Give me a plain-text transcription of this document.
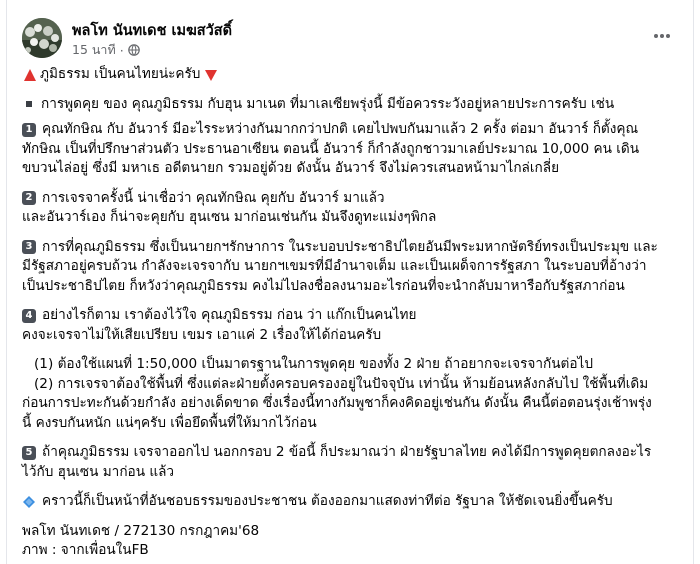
พลโท นันทเดช เมฆสวัสดิ์
15 นาที ·
ภูมิธรรม เป็นคนไทยน่ะครับ
การพูดคุย ของ คุณภูมิธรรม กับฮุน มาเนต ที่มาเลเซียพรุ่งนี้ มีข้อควรระวังอยู่หลายประการครับ เช่น
1 คุณทักษิณ กับ อันวาร์ มีอะไรระหว่างกันมากกว่าปกติ เคยไปพบกันมาแล้ว 2 ครั้ง ต่อมา อันวาร์ ก็ตั้งคุณ
ทักษิณ เป็นที่ปรึกษาส่วนตัว ประธานอาเซียน ตอนนี้ อันวาร์ ก็กำลังถูกชาวมาเลย์ประมาณ 10,000 คน เดิน
ขบวนไล่อยู่ ซึ่งมี มหาเธ อดีตนายก รวมอยู่ด้วย ดังนั้น อันวาร์ จึงไม่ควรเสนอหน้ามาไกล่เกลี่ย
2 การเจรจาครั้งนี้ น่าเชื่อว่า คุณทักษิณ คุยกับ อันวาร์ มาแล้ว
และอันวาร์เอง ก็น่าจะคุยกับ ฮุนเซน มาก่อนเช่นกัน มันจึงดูทะแม่งๆพิกล
3 การที่คุณภูมิธรรม ซึ่งเป็นนายกฯรักษาการ ในระบอบประชาธิปไตยอันมีพระมหากษัตริย์ทรงเป็นประมุข และ
มีรัฐสภาอยู่ครบถ้วน กำลังจะเจรจากับ นายกฯเขมรที่มีอำนาจเต็ม และเป็นเผด็จการรัฐสภา ในระบอบที่อ้างว่า
เป็นประชาธิปไตย ก็หวังว่าคุณภูมิธรรม คงไม่ไปลงชื่อลงนามอะไรก่อนที่จะนำกลับมาหารือกับรัฐสภาก่อน
4 อย่างไรก็ตาม เราต้องไว้ใจ คุณภูมิธรรม ก่อน ว่า แก๊กเป็นคนไทย
คงจะเจรจาไม่ให้เสียเปรียบ เขมร เอาแค่ 2 เรื่องให้ได้ก่อนครับ
(1) ต้องใช้แผนที่ 1:50,000 เป็นมาตรฐานในการพูดคุย ของทั้ง 2 ฝ่าย ถ้าอยากจะเจรจากันต่อไป
(2) การเจรจาต้องใช้พื้นที่ ซึ่งแต่ละฝ่ายตั้งครอบครองอยู่ในปัจจุบัน เท่านั้น ห้ามย้อนหลังกลับไป ใช้พื้นที่เดิม
ก่อนการปะทะกันด้วยกำลัง อย่างเด็ดขาด ซึ่งเรื่องนี้ทางกัมพูชาก็คงคิดอยู่เช่นกัน ดังนั้น คืนนี้ต่อตอนรุ่งเช้าพรุ่ง
นี้ คงรบกันหนัก แน่ๆครับ เพื่อยึดพื้นที่ให้มากไว้ก่อน
5 ถ้าคุณภูมิธรรม เจรจาออกไป นอกกรอบ 2 ข้อนี้ ก็ประมาณว่า ฝ่ายรัฐบาลไทย คงได้มีการพูดคุยตกลงอะไร
ไว้กับ ฮุนเซน มาก่อน แล้ว
คราวนี้ก็เป็นหน้าที่อันชอบธรรมของประชาชน ต้องออกมาแสดงท่าทีต่อ รัฐบาล ให้ชัดเจนยิ่งขึ้นครับ
พลโท นันทเดช / 272130 กรกฎาคม'68
ภาพ : จากเพื่อนในFB
